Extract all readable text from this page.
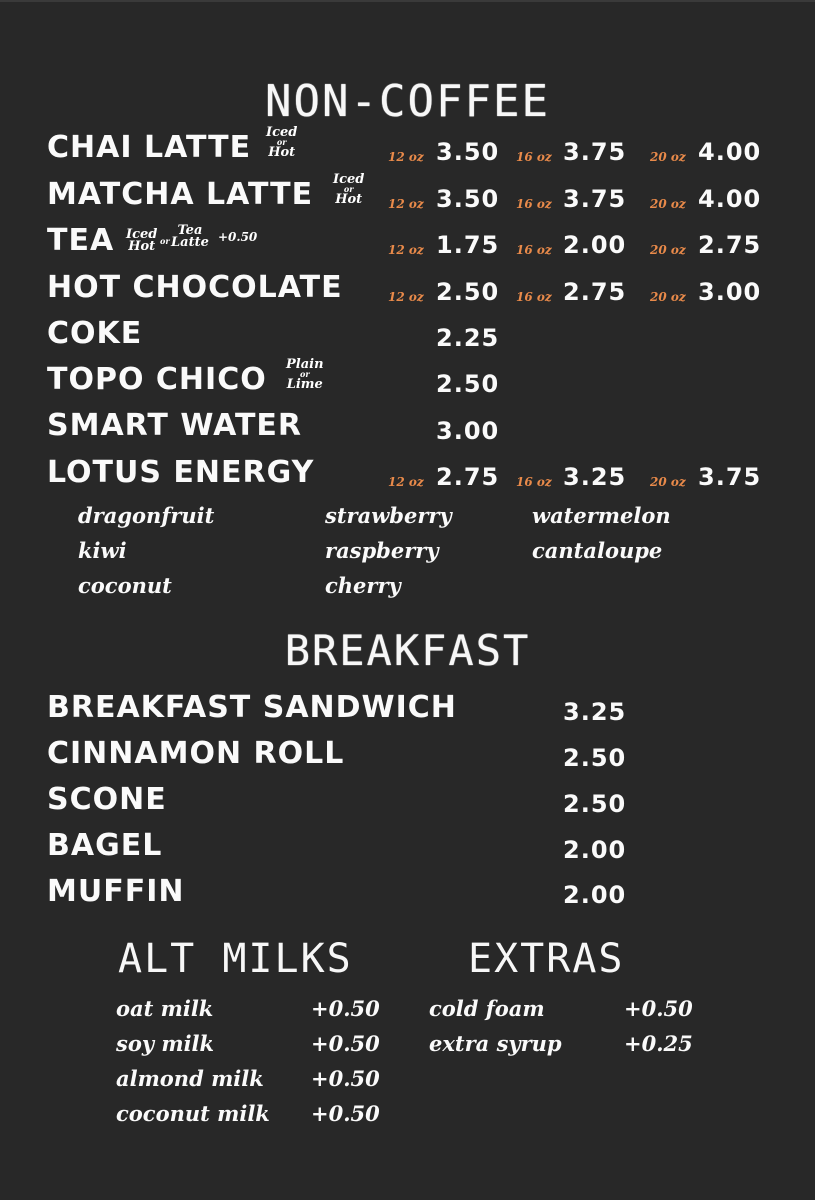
NON-COFFEE
CHAI LATTE Iced
or
Hot	12 oz 3.50 16 oz 3.75 20 oz 4.00
MATCHA LATTE Iced
or
Hot 12 oz 3.50 16 oz 3.75 20 oz 4.00
TEA Iced
Hot or
Tea
Latte +0.50
12 oz 1.75 16 oz 2.00 20 oz 2.75
HOT CHOCOLATE	12 oz 2.50 16 oz 2.75 20 oz 3.00
COKE	2.25
TOPO CHICO Plain
or
Lime	2.50
SMART WATER	3.00
LOTUS ENERGY	12 oz 2.75 16 oz 3.25 20 oz 3.75
dragonfruit	strawberry	watermelon
kiwi	raspberry	cantaloupe
coconut	cherry
BREAKFAST
BREAKFAST SANDWICH	3.25
CINNAMON ROLL	2.50
SCONE	2.50
BAGEL	2.00
MUFFIN	2.00
ALT MILKS
oat milk	+0.50
soy milk	+0.50
almond milk +0.50
coconut milk +0.50
EXTRAS
cold foam	+0.50
extra syrup	+0.25
